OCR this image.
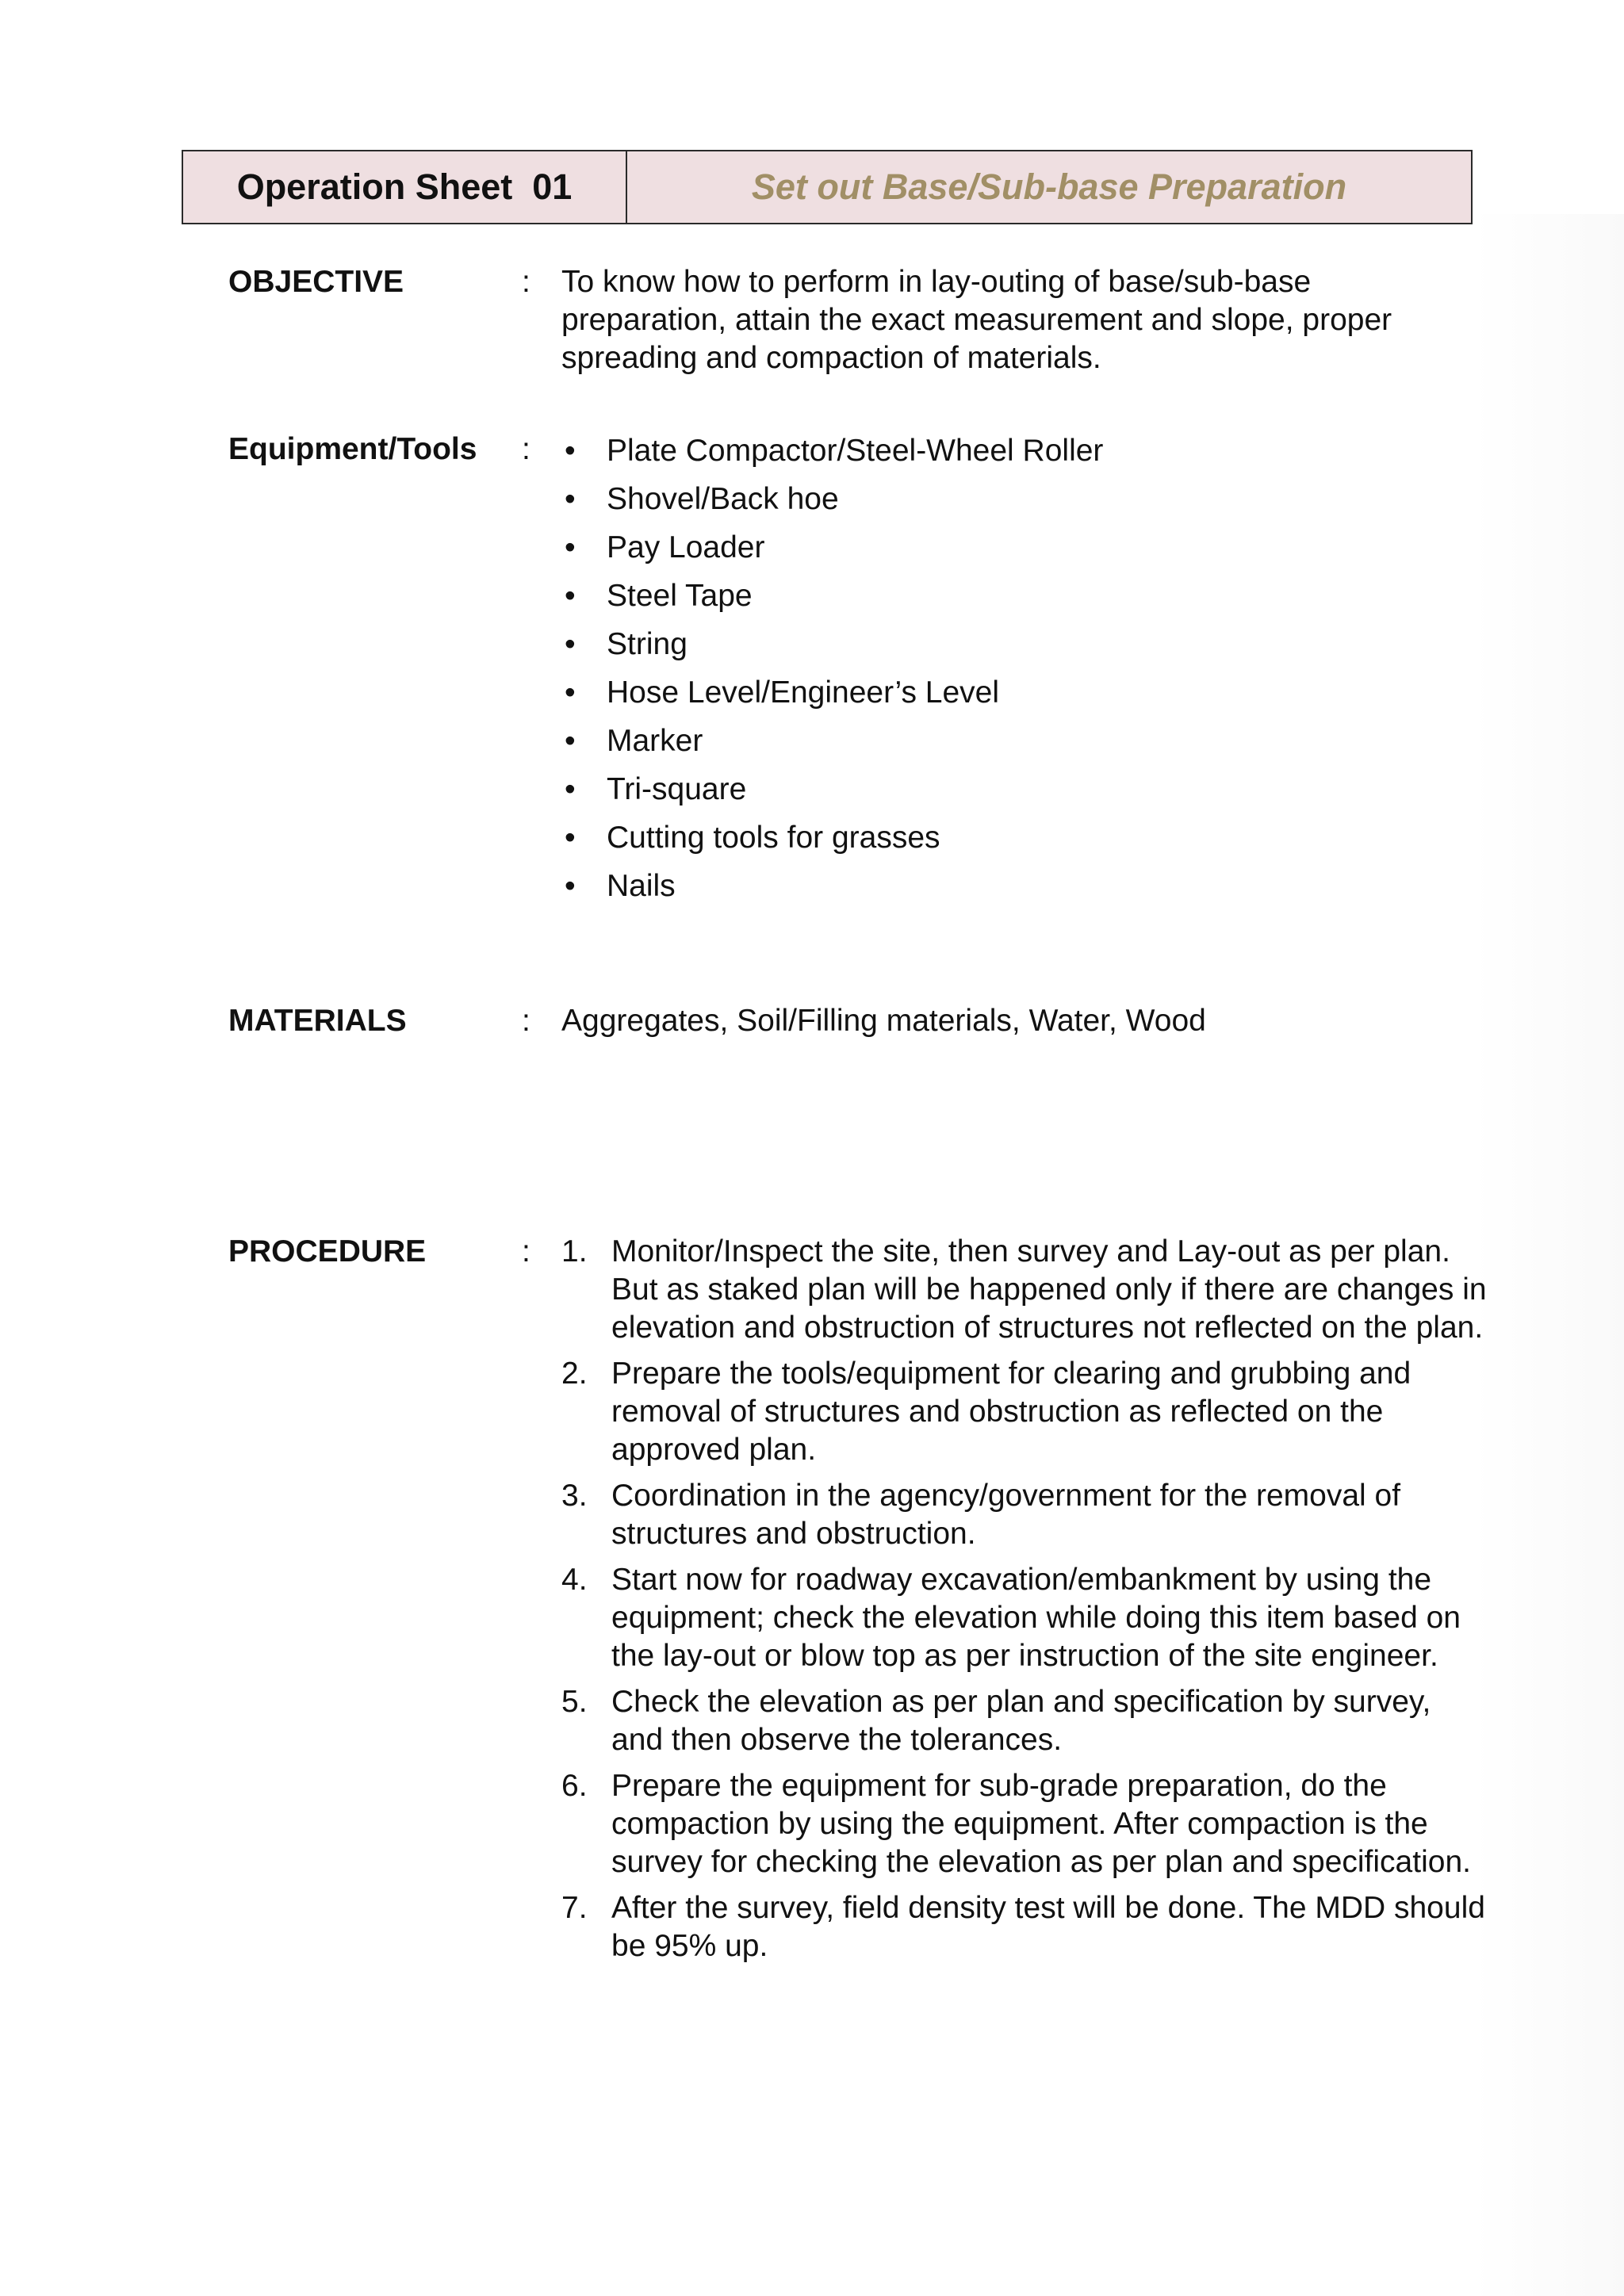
Operation Sheet  01	Set out Base/Sub-base Preparation
OBJECTIVE	: To know how to perform in lay-outing of base/sub-base preparation, attain the exact measurement and slope, proper spreading and compaction of materials.
Equipment/Tools : • Plate Compactor/Steel-Wheel Roller
• Shovel/Back hoe
• Pay Loader
• Steel Tape
• String
• Hose Level/Engineer’s Level
• Marker
• Tri-square
• Cutting tools for grasses
• Nails
MATERIALS	: Aggregates, Soil/Filling materials, Water, Wood
PROCEDURE	: 1. Monitor/Inspect the site, then survey and Lay-out as per plan. But as staked plan will be happened only if there are changes in elevation and obstruction of structures not reflected on the plan.
2. Prepare the tools/equipment for clearing and grubbing and removal of structures and obstruction as reflected on the approved plan.
3. Coordination in the agency/government for the removal of structures and obstruction.
4. Start now for roadway excavation/embankment by using the equipment; check the elevation while doing this item based on the lay-out or blow top as per instruction of the site engineer.
5. Check the elevation as per plan and specification by survey, and then observe the tolerances.
6. Prepare the equipment for sub-grade preparation, do the compaction by using the equipment. After compaction is the survey for checking the elevation as per plan and specification.
7. After the survey, field density test will be done. The MDD should be 95% up.
